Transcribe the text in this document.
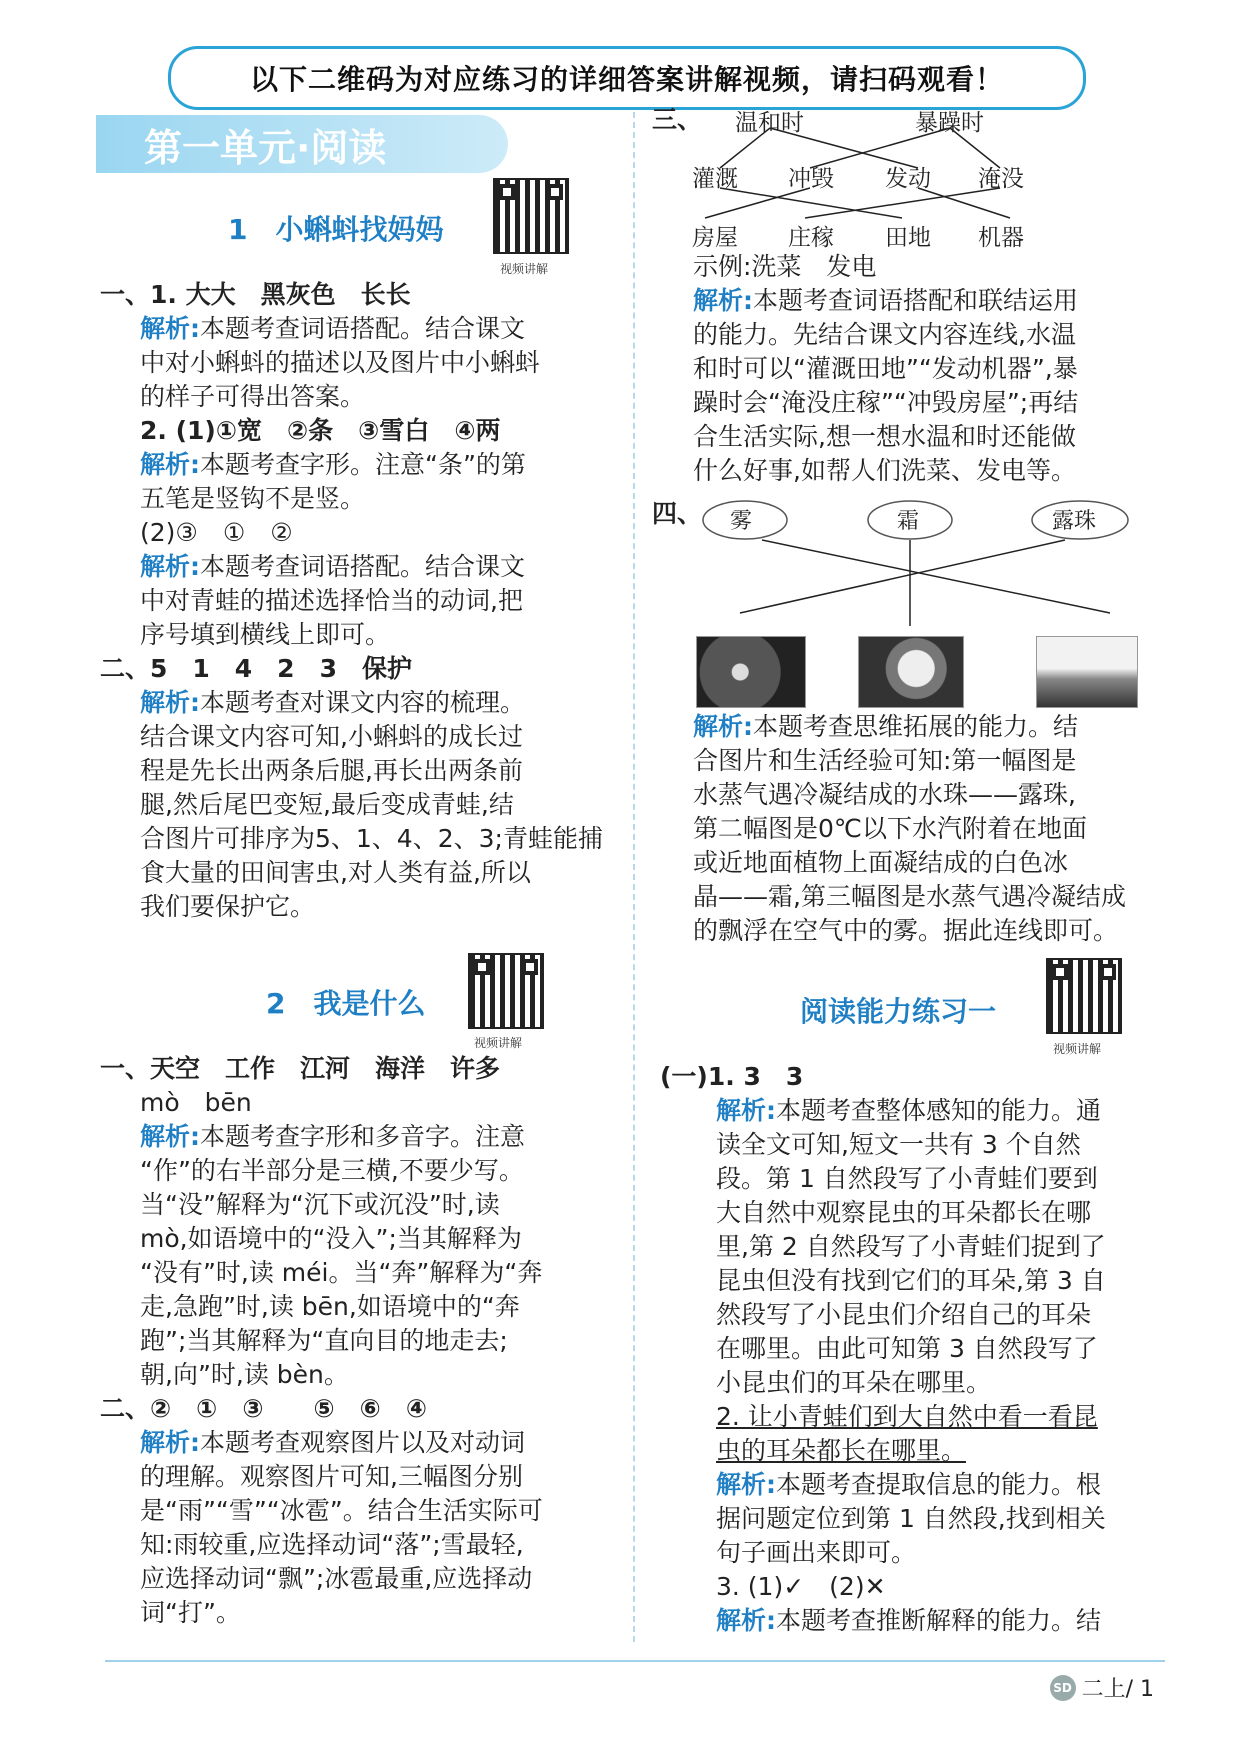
以下二维码为对应练习的详细答案讲解视频，请扫码观看！
第一单元·阅读
1　小蝌蚪找妈妈
视频讲解

一、1. 大大　黑灰色　长长

解析:本题考查词语搭配。结合课文

中对小蝌蚪的描述以及图片中小蝌蚪

的样子可得出答案。

2. (1)①宽　②条　③雪白　④两

解析:本题考查字形。注意“条”的第

五笔是竖钩不是竖。

(2)③　①　②

解析:本题考查词语搭配。结合课文

中对青蛙的描述选择恰当的动词,把

序号填到横线上即可。

二、5　1　4　2　3　保护

解析:本题考查对课文内容的梳理。

结合课文内容可知,小蝌蚪的成长过

程是先长出两条后腿,再长出两条前

腿,然后尾巴变短,最后变成青蛙,结

合图片可排序为5、1、4、2、3;青蛙能捕

食大量的田间害虫,对人类有益,所以

我们要保护它。

2　我是什么
视频讲解

一、天空　工作　江河　海洋　许多

mò　bēn

解析:本题考查字形和多音字。注意

“作”的右半部分是三横,不要少写。

当“没”解释为“沉下或沉没”时,读

mò,如语境中的“没入”;当其解释为

“没有”时,读 méi。当“奔”解释为“奔

走,急跑”时,读 bēn,如语境中的“奔

跑”;当其解释为“直向目的地走去;

朝,向”时,读 bèn。

二、②　①　③　　⑤　⑥　④

解析:本题考查观察图片以及对动词

的理解。观察图片可知,三幅图分别

是“雨”“雪”“冰雹”。结合生活实际可

知:雨较重,应选择动词“落”;雪最轻,

应选择动词“飘”;冰雹最重,应选择动

词“打”。

三、 温和时	暴躁时
灌溉 冲毁 发动 淹没
房屋 庄稼 田地 机器

示例:洗菜　发电

解析:本题考查词语搭配和联结运用

的能力。先结合课文内容连线,水温

和时可以“灌溉田地”“发动机器”,暴

躁时会“淹没庄稼”“冲毁房屋”;再结

合生活实际,想一想水温和时还能做

什么好事,如帮人们洗菜、发电等。

四、 雾	霜	露珠

解析:本题考查思维拓展的能力。结

合图片和生活经验可知:第一幅图是

水蒸气遇冷凝结成的水珠——露珠,

第二幅图是0℃以下水汽附着在地面

或近地面植物上面凝结成的白色冰

晶——霜,第三幅图是水蒸气遇冷凝结成

的飘浮在空气中的雾。据此连线即可。

阅读能力练习一
视频讲解

(一)1. 3　3

解析:本题考查整体感知的能力。通

读全文可知,短文一共有 3 个自然

段。第 1 自然段写了小青蛙们要到

大自然中观察昆虫的耳朵都长在哪

里,第 2 自然段写了小青蛙们捉到了

昆虫但没有找到它们的耳朵,第 3 自

然段写了小昆虫们介绍自己的耳朵

在哪里。由此可知第 3 自然段写了

小昆虫们的耳朵在哪里。

2. 让小青蛙们到大自然中看一看昆

虫的耳朵都长在哪里。

解析:本题考查提取信息的能力。根

据问题定位到第 1 自然段,找到相关

句子画出来即可。

3. (1)✓　(2)✕

解析:本题考查推断解释的能力。结

SD 二上/ 1
